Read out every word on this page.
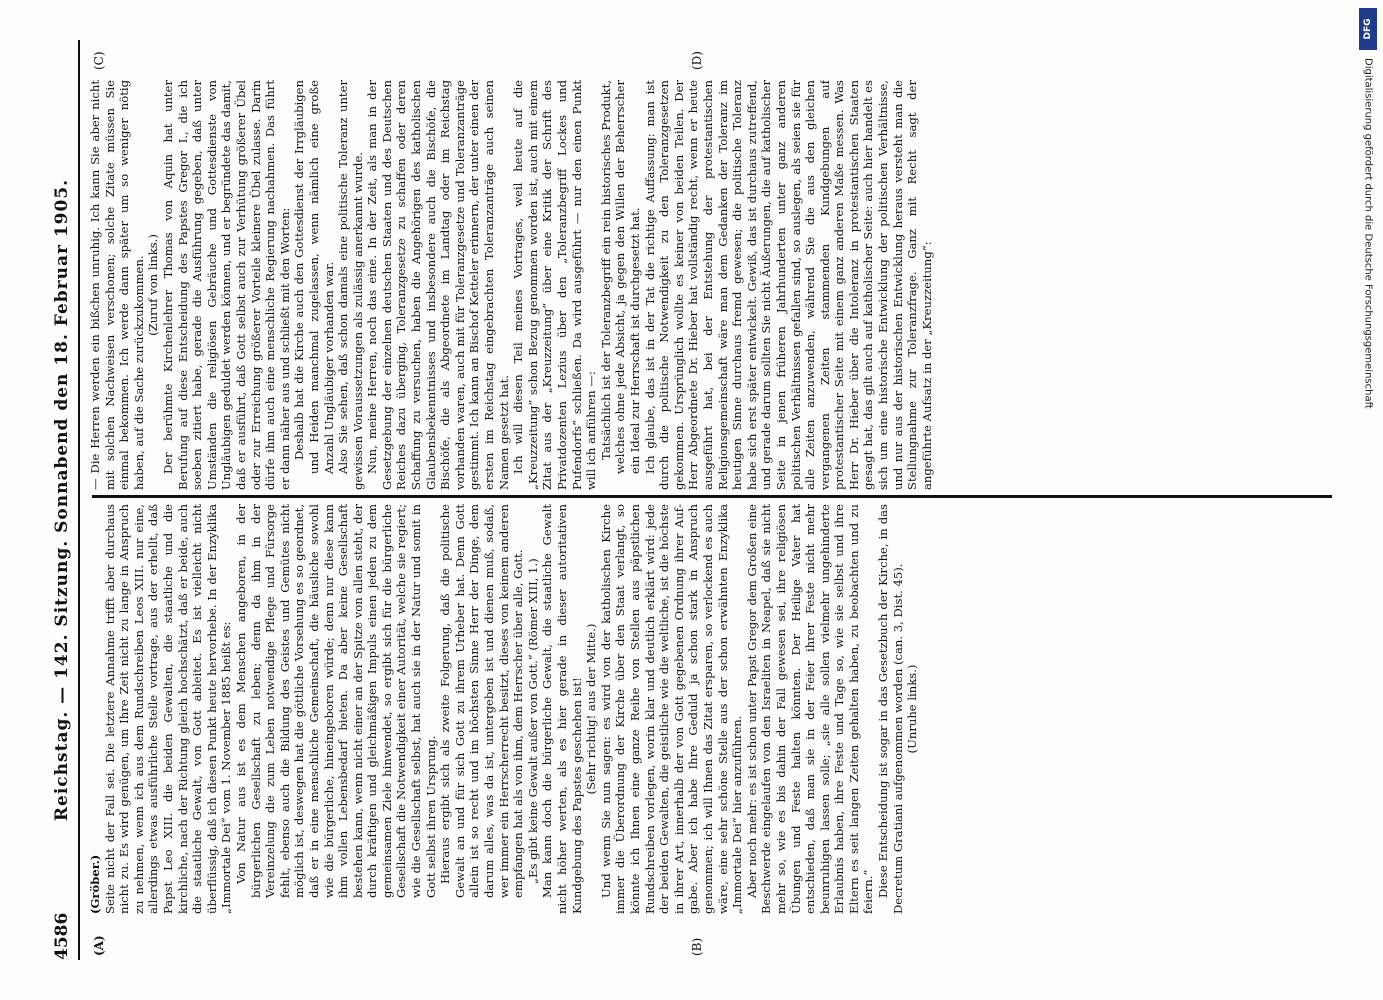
4586
Reichstag. — 142. Sitzung. Sonnabend den 18. Februar 1905.
(A)	(B)
(C)	(D)

(Gröber.) Seite nicht der Fall sei. Die letztere Annahme trifft aber durchaus nicht zu. Es wird genügen, um Ihre Zeit nicht zu lange in Anspruch zu nehmen, wenn ich aus dem Rundschreiben Leos XIII. nur eine, allerdings etwas ausführliche Stelle vortrage, aus der erhellt, daß Papst Leo XIII. die beiden Gewalten, die staatliche und die kirchliche, nach der Richtung gleich hochschätzt, daß er beide, auch die staatliche Gewalt, von Gott ableitet. Es ist vielleicht nicht überflüssig, daß ich diesen Punkt heute hervorhebe. In der Enzyklika „Immortale Dei“ vom 1. November 1885 heißt es: Von Natur aus ist es dem Menschen angeboren, in der bürgerlichen Gesellschaft zu leben; denn da ihm in der Vereinzelung die zum Leben notwendige Pflege und Fürsorge fehlt, ebenso auch die Bildung des Geistes und Gemütes nicht möglich ist, deswegen hat die göttliche Vorsehung es so geordnet, daß er in eine menschliche Gemeinschaft, die häusliche sowohl wie die bürgerliche, hineingeboren würde; denn nur diese kann ihm vollen Lebensbedarf bieten. Da aber keine Gesellschaft bestehen kann, wenn nicht einer an der Spitze von allen steht, der durch kräftigen und gleichmäßigen Impuls einen jeden zu dem gemeinsamen Ziele hinwendet, so ergibt sich für die bürgerliche Gesellschaft die Notwendigkeit einer Autorität, welche sie regiert; wie die Gesellschaft selbst, hat auch sie in der Natur und somit in Gott selbst ihren Ursprung. Hieraus ergibt sich als zweite Folgerung, daß die politische Gewalt an und für sich Gott zu ihrem Urheber hat. Denn Gott allein ist so recht und im höchsten Sinne Herr der Dinge, dem darum alles, was da ist, untergeben ist und dienen muß, sodaß, wer immer ein Herrscherrecht besitzt, dieses von keinem anderen empfangen hat als von ihm, dem Herrscher über alle, Gott. „Es gibt keine Gewalt außer von Gott.“ (Römer XIII, 1.) Man kann doch die bürgerliche Gewalt, die staatliche Gewalt nicht höher werten, als es hier gerade in dieser autoritativen Kundgebung des Papstes geschehen ist! (Sehr richtig! aus der Mitte.) Und wenn Sie nun sagen: es wird von der katholischen Kirche immer die Überordnung der Kirche über den Staat verlangt, so könnte ich Ihnen eine ganze Reihe von Stellen aus päpstlichen Rundschreiben vorlegen, worin klar und deutlich erklärt wird: jede der beiden Gewalten, die geistliche wie die weltliche, ist die höchste in ihrer Art, innerhalb der von Gott gegebenen Ordnung ihrer Aufgabe. Aber ich habe Ihre Geduld ja schon stark in Anspruch genommen; ich will Ihnen das Zitat ersparen, so verlockend es auch wäre, eine sehr schöne Stelle aus der schon erwähnten Enzyklika „Immortale Dei“ hier anzuführen. Aber noch mehr: es ist schon unter Papst Gregor dem Großen eine Beschwerde eingelaufen von den Israeliten in Neapel, daß sie nicht mehr so, wie es bis dahin der Fall gewesen sei, ihre religiösen Übungen und Feste halten könnten. Der Heilige Vater hat entschieden, daß man sie in der Feier ihrer Feste nicht mehr beunruhigen lassen solle; „sie alle sollen vielmehr ungehinderte Erlaubnis haben, ihre Feste und Tage so, wie sie selbst und ihre Eltern es seit langen Zeiten gehalten haben, zu beobachten und zu feiern.“ Diese Entscheidung ist sogar in das Gesetzbuch der Kirche, in das Decretum Gratiani aufgenommen worden (can. 3, Dist. 45). (Unruhe links.)

— Die Herren werden ein bißchen unruhig. Ich kann Sie aber nicht mit solchen Nachweisen verschonen; solche Zitate müssen Sie einmal bekommen. Ich werde dann später um so weniger nötig haben, auf die Sache zurückzukommen. (Zuruf von links.) Der berühmte Kirchenlehrer Thomas von Aquin hat unter Berufung auf diese Entscheidung des Papstes Gregor I., die ich soeben zitiert habe, gerade die Ausführung gegeben, daß unter Umständen die religiösen Gebräuche und Gottesdienste von Ungläubigen geduldet werden können, und er begründete das damit, daß er ausführt, daß Gott selbst auch zur Verhütung größerer Übel oder zur Erreichung größerer Vorteile kleinere Übel zulasse. Darin dürfe ihm auch eine menschliche Regierung nachahmen. Das führt er dann näher aus und schließt mit den Worten: Deshalb hat die Kirche auch den Gottesdienst der Irrgläubigen und Heiden manchmal zugelassen, wenn nämlich eine große Anzahl Ungläubiger vorhanden war. Also Sie sehen, daß schon damals eine politische Toleranz unter gewissen Voraussetzungen als zulässig anerkannt wurde. Nun, meine Herren, noch das eine. In der Zeit, als man in der Gesetzgebung der einzelnen deutschen Staaten und des Deutschen Reiches dazu überging, Toleranzgesetze zu schaffen oder deren Schaffung zu versuchen, haben die Angehörigen des katholischen Glaubensbekenntnisses und insbesondere auch die Bischöfe, die Bischöfe, die als Abgeordnete im Landtag oder im Reichstag vorhanden waren, auch mit für Toleranzgesetze und Toleranzanträge gestimmt. Ich kann an Bischof Ketteler erinnern, der unter einen der ersten im Reichstag eingebrachten Toleranzanträge auch seinen Namen gesetzt hat. Ich will diesen Teil meines Vortrages, weil heute auf die „Kreuzzeitung“ schon Bezug genommen worden ist, auch mit einem Zitat aus der „Kreuzzeitung“ über eine Kritik der Schrift des Privatdozenten Lezius über den „Toleranzbegriff Lockes und Pufendorfs“ schließen. Da wird ausgeführt — nur den einen Punkt will ich anführen —: Tatsächlich ist der Toleranzbegriff ein rein historisches Produkt, welches ohne jede Absicht, ja gegen den Willen der Beherrscher ein Ideal zur Herrschaft ist durchgesetzt hat. Ich glaube, das ist in der Tat die richtige Auffassung: man ist durch die politische Notwendigkeit zu den Toleranzgesetzen gekommen. Ursprünglich wollte es keiner von beiden Teilen. Der Herr Abgeordnete Dr. Hieber hat vollständig recht, wenn er heute ausgeführt hat, bei der Entstehung der protestantischen Religionsgemeinschaft wäre man dem Gedanken der Toleranz im heutigen Sinne durchaus fremd gewesen; die politische Toleranz habe sich erst später entwickelt. Gewiß, das ist durchaus zutreffend, und gerade darum sollten Sie nicht Äußerungen, die auf katholischer Seite in jenen früheren Jahrhunderten unter ganz anderen politischen Verhältnissen gefallen sind, so auslegen, als seien sie für alle Zeiten anzuwenden, während Sie die aus den gleichen vergangenen Zeiten stammenden Kundgebungen auf protestantischer Seite mit einem ganz anderen Maße messen. Was Herr Dr. Hieber über die Intoleranz in protestantischen Staaten gesagt hat, das gilt auch auf katholischer Seite: auch hier handelt es sich um eine historische Entwicklung der politischen Verhältnisse, und nur aus der historischen Entwicklung heraus versteht man die Stellungnahme zur Toleranzfrage. Ganz mit Recht sagt der angeführte Aufsatz in der „Kreuzzeitung“:

DFG
Digitalisierung gefördert durch die Deutsche Forschungsgemeinschaft
